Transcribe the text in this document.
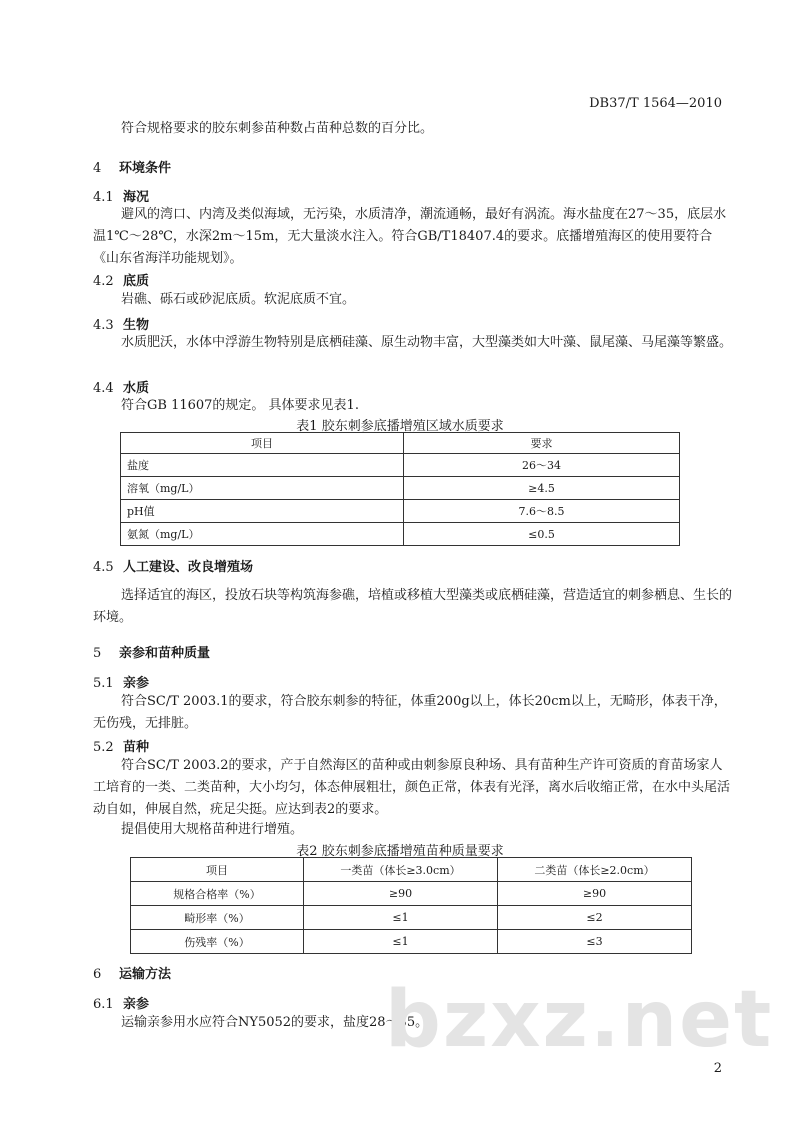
DB37/T 1564—2010
符合规格要求的胶东刺参苗种数占苗种总数的百分比。
4 环境条件
4.1 海况
避风的湾口、内湾及类似海域，无污染，水质清净，潮流通畅，最好有涡流。海水盐度在27～35，底层水温1℃～28℃，水深2m～15m，无大量淡水注入。符合GB/T18407.4的要求。底播增殖海区的使用要符合《山东省海洋功能规划》。
4.2 底质
岩礁、砾石或砂泥底质。软泥底质不宜。
4.3 生物
水质肥沃，水体中浮游生物特别是底栖硅藻、原生动物丰富，大型藻类如大叶藻、鼠尾藻、马尾藻等繁盛。
4.4 水质
符合GB 11607的规定。 具体要求见表1.
表1 胶东刺参底播增殖区域水质要求
项目	要求
盐度	26～34
溶氧（mg/L）	≥4.5
pH值	7.6～8.5
氨氮（mg/L）	≤0.5
4.5 人工建设、改良增殖场
选择适宜的海区，投放石块等构筑海参礁，培植或移植大型藻类或底栖硅藻，营造适宜的刺参栖息、生长的环境。
5 亲参和苗种质量
5.1 亲参
符合SC/T 2003.1的要求，符合胶东刺参的特征，体重200g以上，体长20cm以上，无畸形，体表干净，无伤残，无排脏。
5.2 苗种
符合SC/T 2003.2的要求，产于自然海区的苗种或由刺参原良种场、具有苗种生产许可资质的育苗场家人工培育的一类、二类苗种，大小均匀，体态伸展粗壮，颜色正常，体表有光泽，离水后收缩正常，在水中头尾活动自如，伸展自然，疣足尖挺。应达到表2的要求。
提倡使用大规格苗种进行增殖。
表2 胶东刺参底播增殖苗种质量要求
项目	一类苗（体长≥3.0cm）	二类苗（体长≥2.0cm）
规格合格率（%）	≥90	≥90
畸形率（%）	≤1	≤2
伤残率（%）	≤1	≤3
6 运输方法
6.1 亲参
运输亲参用水应符合NY5052的要求，盐度28～35。
bzxz.net
2
